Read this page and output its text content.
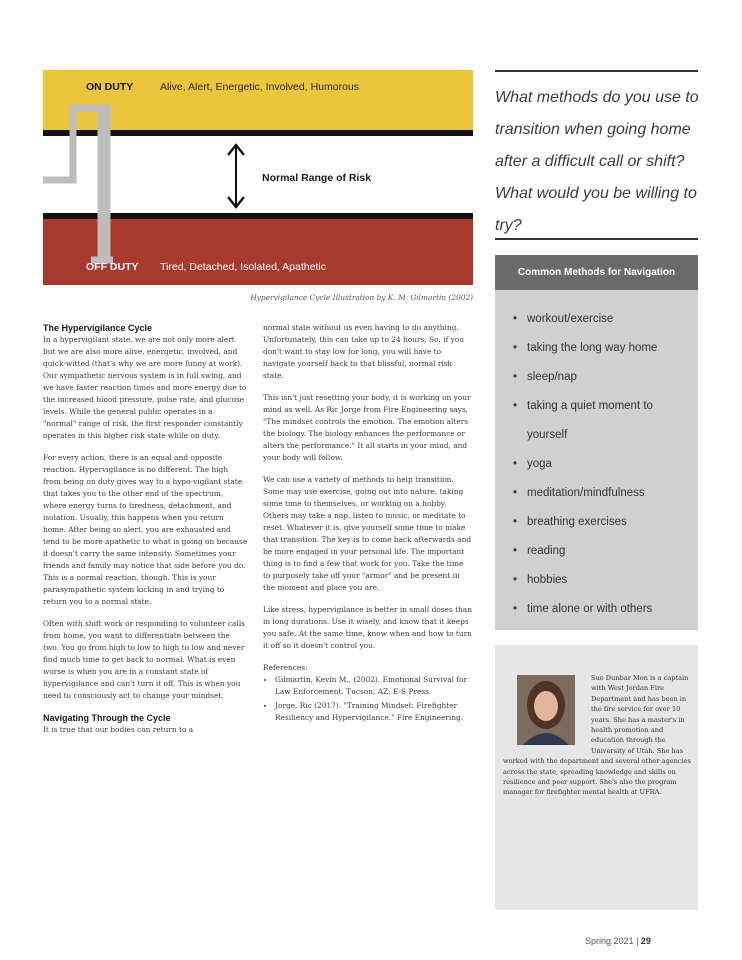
ON DUTY	Alive, Alert, Energetic, Involved, Humorous
Normal Range of Risk
OFF DUTY Tired, Detached, Isolated, Apathetic
Hypervigilance Cycle Illustration by K. M. Gilmartin (2002)
The Hypervigilance Cycle

In a hypervigilant state, we are not only more alert but we are also more alive, energetic, involved, and quick-witted (that's why we are more funny at work). Our sympathetic nervous system is in full swing, and we have faster reaction times and more energy due to the increased blood pressure, pulse rate, and glucose levels. While the general public operates in a "normal" range of risk, the first responder constantly operates in this higher risk state while on duty.

For every action, there is an equal and opposite reaction. Hypervigilance is no different. The high from being on duty gives way to a hypo-vigilant state that takes you to the other end of the spectrum, where energy turns to tiredness, detachment, and isolation. Usually, this happens when you return home. After being so alert, you are exhausted and tend to be more apathetic to what is going on because it doesn't carry the same intensity. Sometimes your friends and family may notice that side before you do. This is a normal reaction, though. This is your parasympathetic system kicking in and trying to return you to a normal state.

Often with shift work or responding to volunteer calls from home, you want to differentiate between the two. You go from high to low to high to low and never find much time to get back to normal. What is even worse is when you are in a constant state of hypervigilance and can't turn it off. This is when you need to consciously act to change your mindset.

Navigating Through the Cycle

It is true that our bodies can return to a

normal state without us even having to do anything. Unfortunately, this can take up to 24 hours. So, if you don't want to stay low for long, you will have to navigate yourself back to that blissful, normal risk state.

This isn't just resetting your body, it is working on your mind as well. As Ric Jorge from Fire Engineering says, "The mindset controls the emotion. The emotion alters the biology. The biology enhances the performance or alters the performance." It all starts in your mind, and your body will follow.

We can use a variety of methods to help transition. Some may use exercise, going out into nature, taking some time to themselves, or working on a hobby. Others may take a nap, listen to music, or meditate to reset. Whatever it is, give yourself some time to make that transition. The key is to come back afterwards and be more engaged in your personal life. The important thing is to find a few that work for you. Take the time to purposely take off your "armor" and be present in the moment and place you are.

Like stress, hypervigilance is better in small doses than in long durations. Use it wisely, and know that it keeps you safe. At the same time, know when and how to turn it off so it doesn't control you.

References:
• Gilmartin, Kevin M., (2002). Emotional Survival for Law Enforcement. Tucson, AZ: E-S Press.
• Jorge, Ric (2017). "Training Mindset: Firefighter Resiliency and Hypervigilance." Fire Engineering.
What methods do you use to transition when going home after a difficult call or shift? What would you be willing to try?
Common Methods for Navigation
• workout/exercise
• taking the long way home
• sleep/nap
• taking a quiet moment to yourself
• yoga
• meditation/mindfulness
• breathing exercises
• reading
• hobbies
• time alone or with others
Sue Dunbar Mon is a captain with West Jordan Fire Department and has been in the fire service for over 10 years. She has a master's in health promotion and education through the University of Utah. She has worked with the department and several other agencies across the state, spreading knowledge and skills on resilience and peer support. She's also the program manager for firefighter mental health at UFRA.
Spring 2021 | 29
